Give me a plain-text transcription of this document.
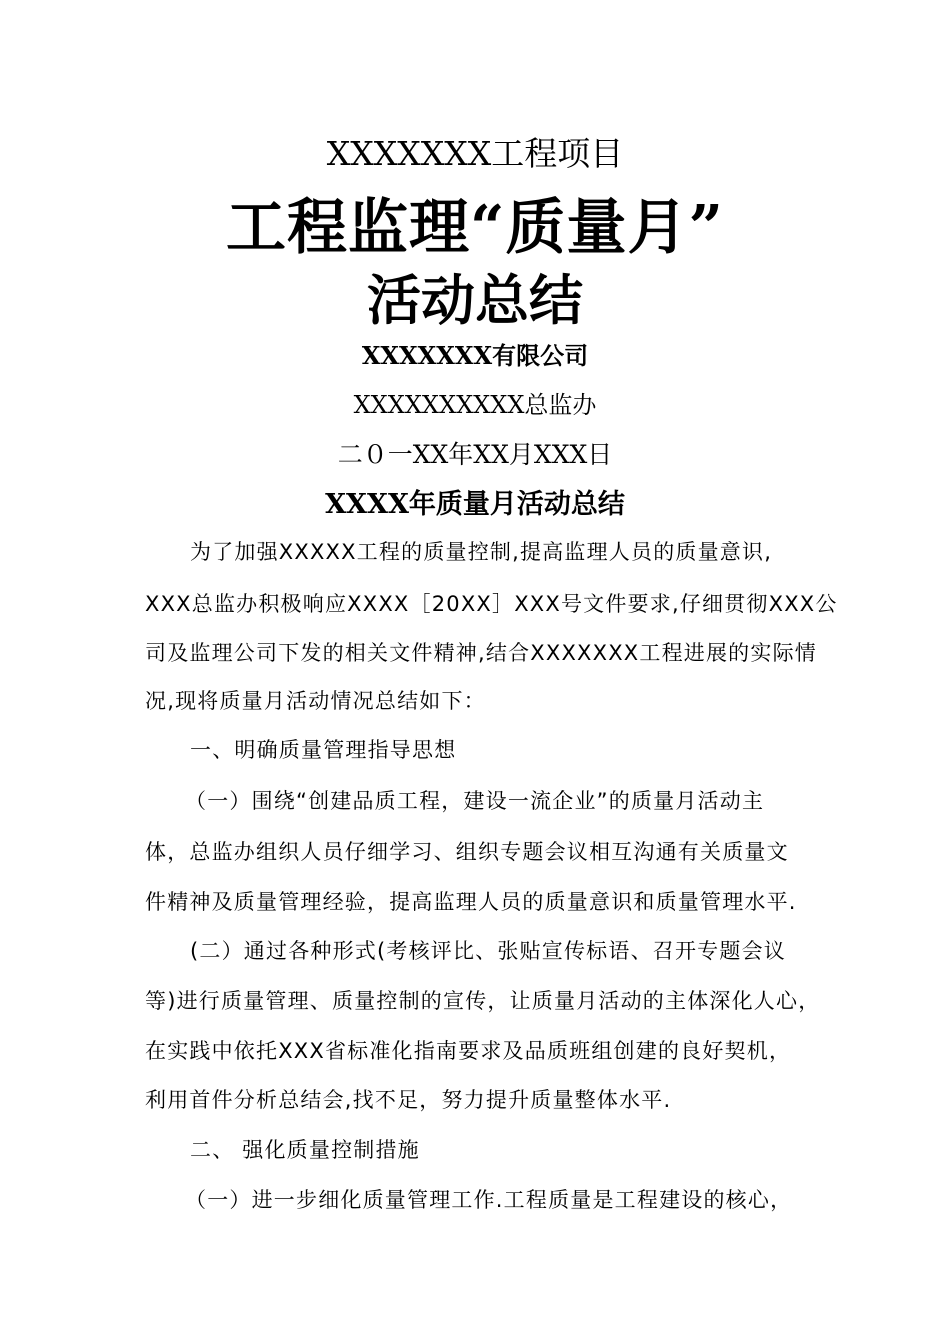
XXXXXXX工程项目
工程监理“质量月”
活动总结
XXXXXXX有限公司
XXXXXXXXXX总监办
二０一XX年XX月XXX日
XXXX年质量月活动总结
为了加强XXXXX工程的质量控制,提高监理人员的质量意识,
XXX总监办积极响应XXXX［20XX］XXX号文件要求,仔细贯彻XXX公
司及监理公司下发的相关文件精神,结合XXXXXXX工程进展的实际情
况,现将质量月活动情况总结如下：
一、明确质量管理指导思想
（一）围绕“创建品质工程，建设一流企业”的质量月活动主
体，总监办组织人员仔细学习、组织专题会议相互沟通有关质量文
件精神及质量管理经验，提高监理人员的质量意识和质量管理水平.
(二）通过各种形式(考核评比、张贴宣传标语、召开专题会议
等)进行质量管理、质量控制的宣传，让质量月活动的主体深化人心，
在实践中依托XXX省标准化指南要求及品质班组创建的良好契机，
利用首件分析总结会,找不足，努力提升质量整体水平.
二、 强化质量控制措施
（一）进一步细化质量管理工作.工程质量是工程建设的核心，
